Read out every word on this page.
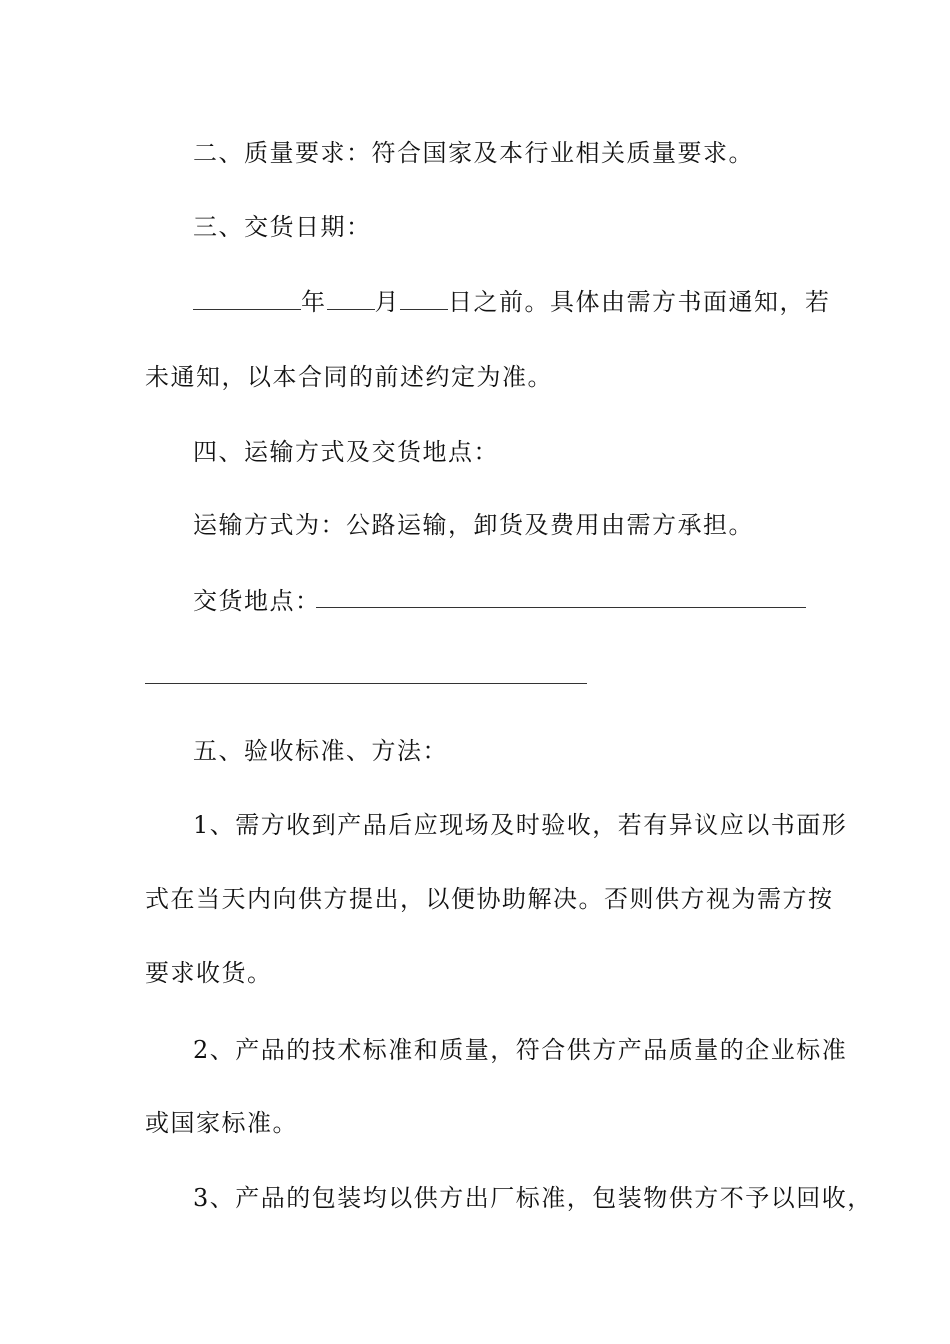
二、质量要求：符合国家及本行业相关质量要求。
三、交货日期：
年 月 日之前。具体由需方书面通知，若
未通知，以本合同的前述约定为准。
四、运输方式及交货地点：
运输方式为：公路运输，卸货及费用由需方承担。
交货地点：
五、验收标准、方法：
1、需方收到产品后应现场及时验收，若有异议应以书面形
式在当天内向供方提出，以便协助解决。否则供方视为需方按
要求收货。
2、产品的技术标准和质量，符合供方产品质量的企业标准
或国家标准。
3、产品的包装均以供方出厂标准，包装物供方不予以回收，
